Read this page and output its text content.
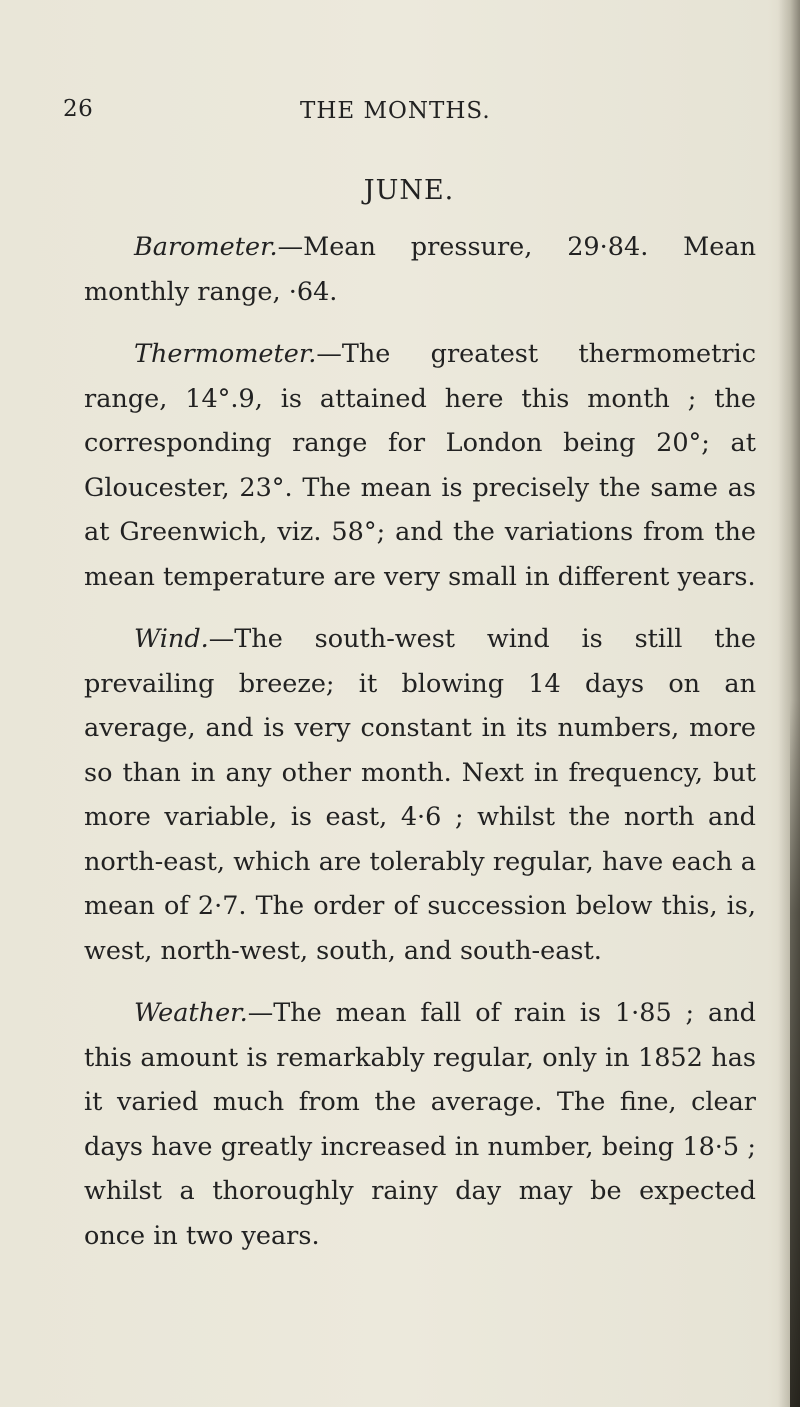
26	THE MONTHS.
JUNE.

Barometer.—Mean pressure, 29·84. Mean monthly range, ·64.

Thermometer.—The greatest thermometric range, 14°.9, is attained here this month ; the corresponding range for London being 20°; at Gloucester, 23°. The mean is precisely the same as at Greenwich, viz. 58°; and the variations from the mean temperature are very small in different years.

Wind.—The south-west wind is still the prevailing breeze; it blowing 14 days on an average, and is very constant in its numbers, more so than in any other month. Next in frequency, but more variable, is east, 4·6 ; whilst the north and north-east, which are tolerably regular, have each a mean of 2·7. The order of succession below this, is, west, north-west, south, and south-east.

Weather.—The mean fall of rain is 1·85 ; and this amount is remarkably regular, only in 1852 has it varied much from the average. The fine, clear days have greatly increased in number, being 18·5 ; whilst a thoroughly rainy day may be expected once in two years.
